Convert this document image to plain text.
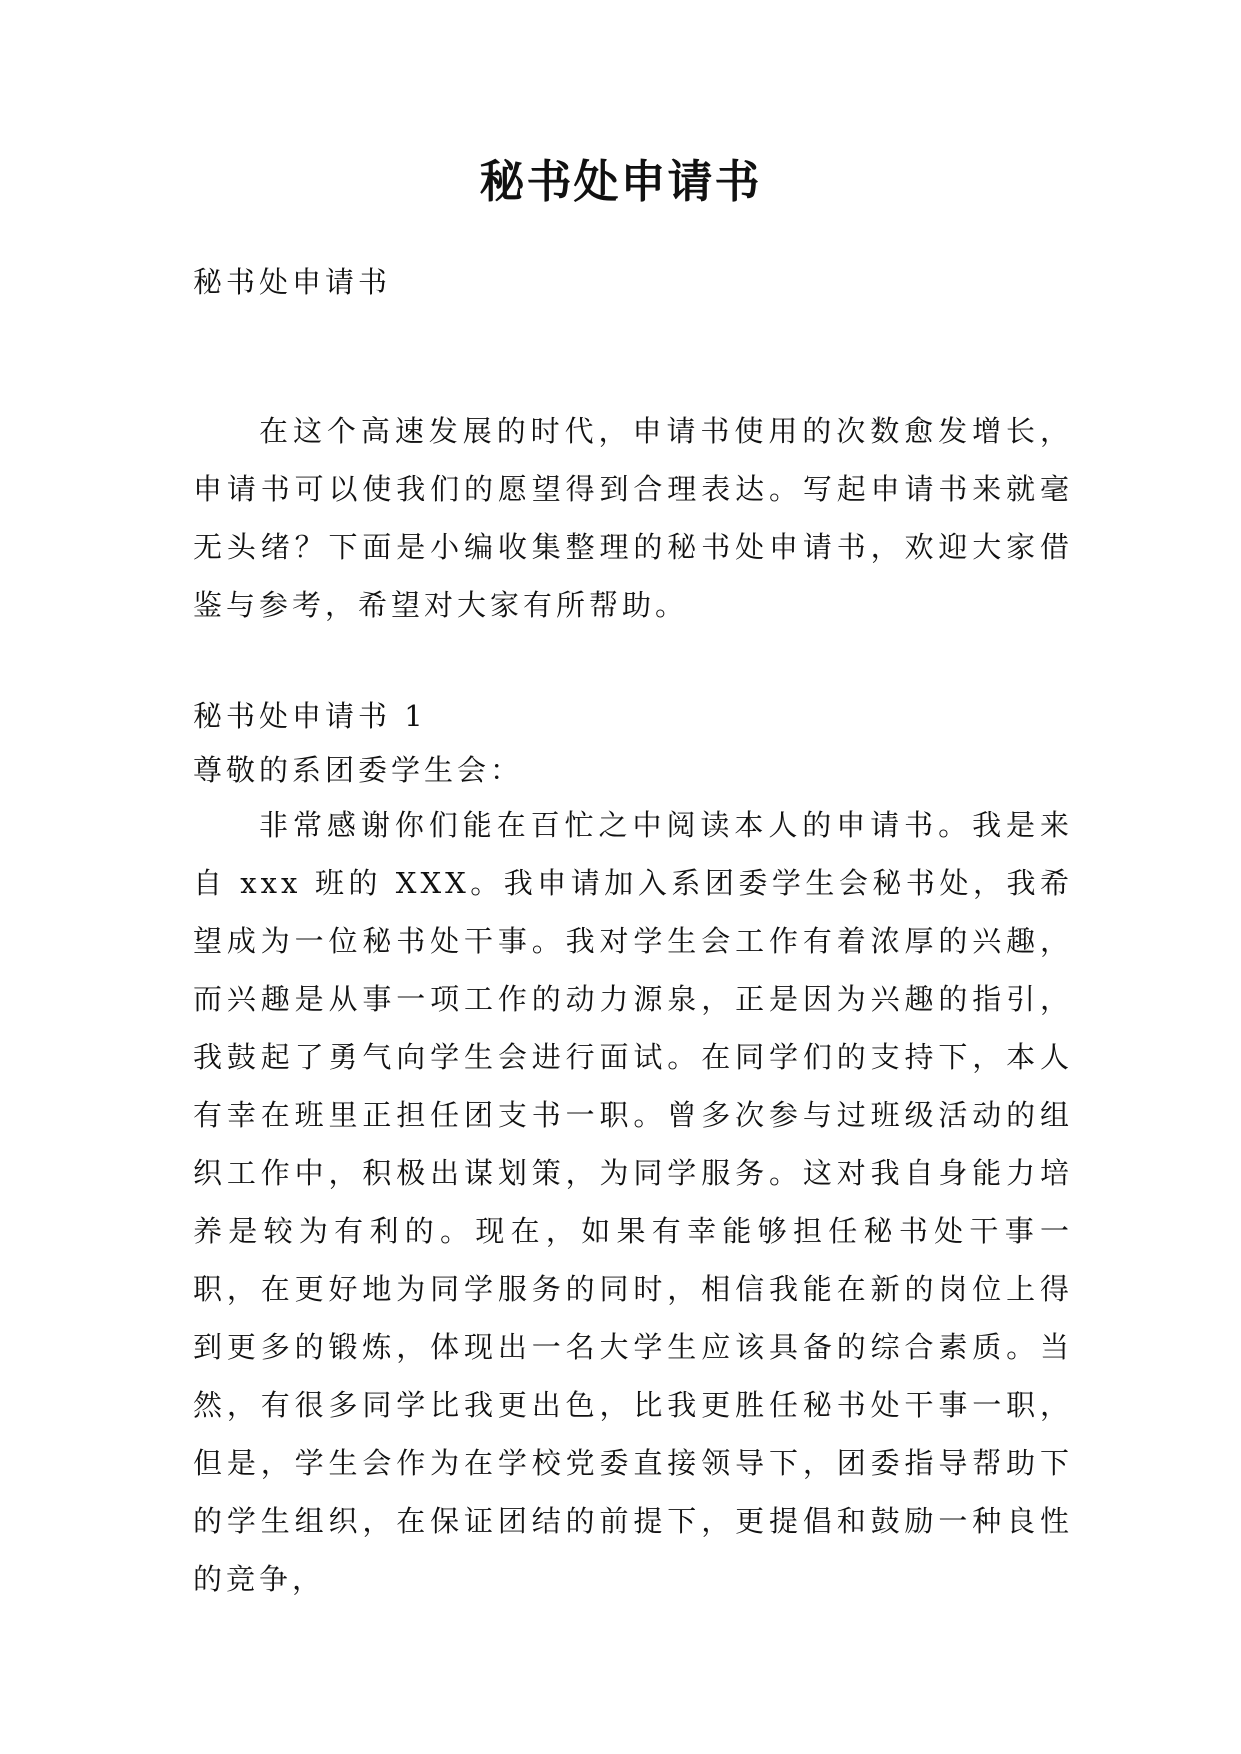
秘书处申请书

秘书处申请书

在这个高速发展的时代，申请书使用的次数愈发增长，申请书可以使我们的愿望得到合理表达。写起申请书来就毫无头绪？下面是小编收集整理的秘书处申请书，欢迎大家借鉴与参考，希望对大家有所帮助。

秘书处申请书 1

尊敬的系团委学生会：

非常感谢你们能在百忙之中阅读本人的申请书。我是来自 xxx 班的 XXX。我申请加入系团委学生会秘书处，我希望成为一位秘书处干事。我对学生会工作有着浓厚的兴趣，而兴趣是从事一项工作的动力源泉，正是因为兴趣的指引，我鼓起了勇气向学生会进行面试。在同学们的支持下，本人有幸在班里正担任团支书一职。曾多次参与过班级活动的组织工作中，积极出谋划策，为同学服务。这对我自身能力培养是较为有利的。现在，如果有幸能够担任秘书处干事一职，在更好地为同学服务的同时，相信我能在新的岗位上得到更多的锻炼，体现出一名大学生应该具备的综合素质。当然，有很多同学比我更出色，比我更胜任秘书处干事一职，但是，学生会作为在学校党委直接领导下，团委指导帮助下的学生组织，在保证团结的前提下，更提倡和鼓励一种良性的竞争，
